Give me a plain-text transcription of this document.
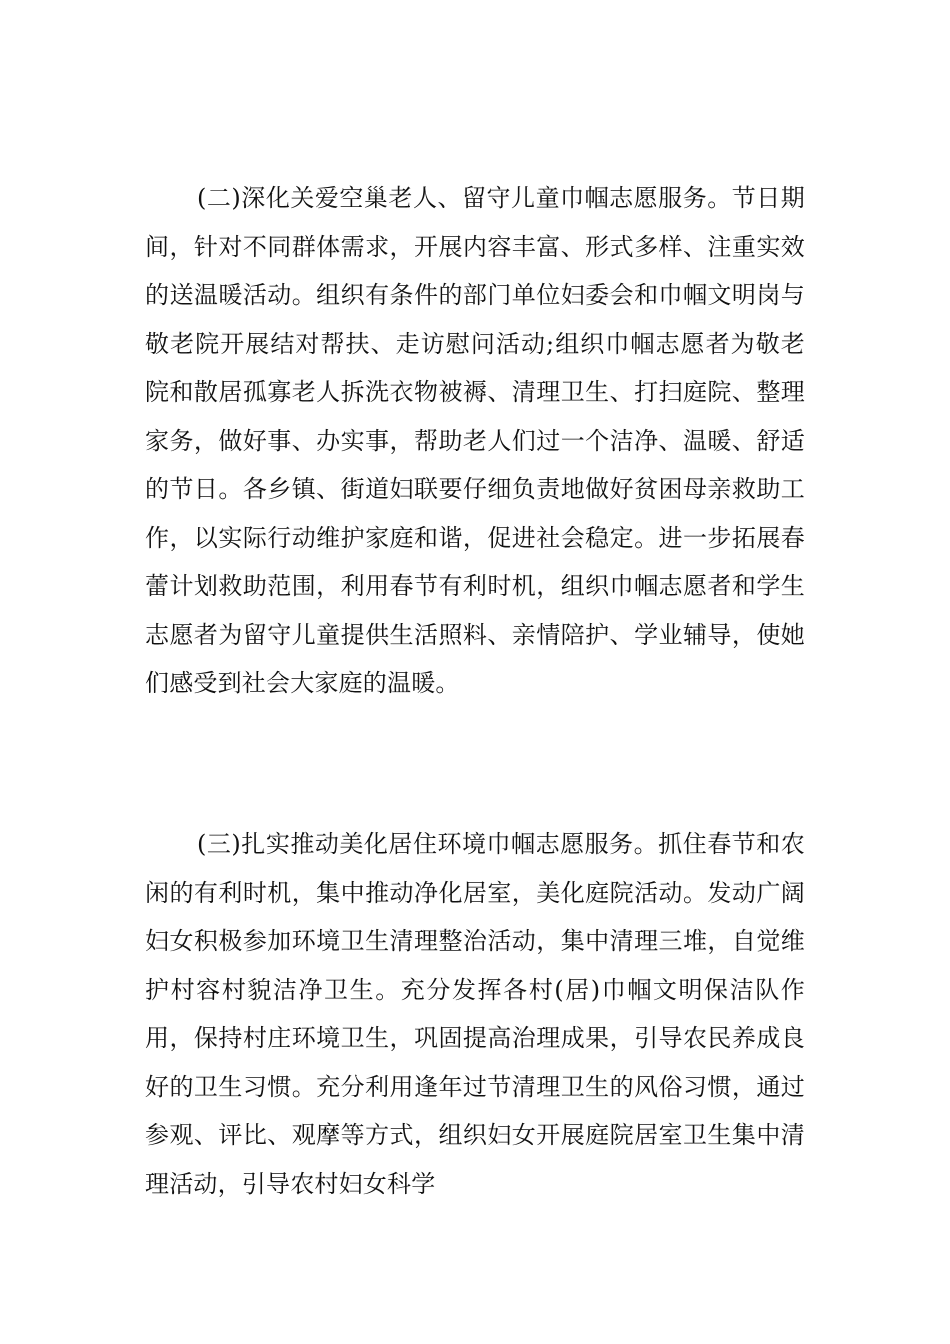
(二)深化关爱空巢老人、留守儿童巾帼志愿服务。节日期间，针对不同群体需求，开展内容丰富、形式多样、注重实效的送温暖活动。组织有条件的部门单位妇委会和巾帼文明岗与敬老院开展结对帮扶、走访慰问活动;组织巾帼志愿者为敬老院和散居孤寡老人拆洗衣物被褥、清理卫生、打扫庭院、整理家务，做好事、办实事，帮助老人们过一个洁净、温暖、舒适的节日。各乡镇、街道妇联要仔细负责地做好贫困母亲救助工作，以实际行动维护家庭和谐，促进社会稳定。进一步拓展春蕾计划救助范围，利用春节有利时机，组织巾帼志愿者和学生志愿者为留守儿童提供生活照料、亲情陪护、学业辅导，使她们感受到社会大家庭的温暖。

(三)扎实推动美化居住环境巾帼志愿服务。抓住春节和农闲的有利时机，集中推动净化居室，美化庭院活动。发动广阔妇女积极参加环境卫生清理整治活动，集中清理三堆，自觉维护村容村貌洁净卫生。充分发挥各村(居)巾帼文明保洁队作用，保持村庄环境卫生，巩固提高治理成果，引导农民养成良好的卫生习惯。充分利用逢年过节清理卫生的风俗习惯，通过参观、评比、观摩等方式，组织妇女开展庭院居室卫生集中清理活动，引导农村妇女科学
